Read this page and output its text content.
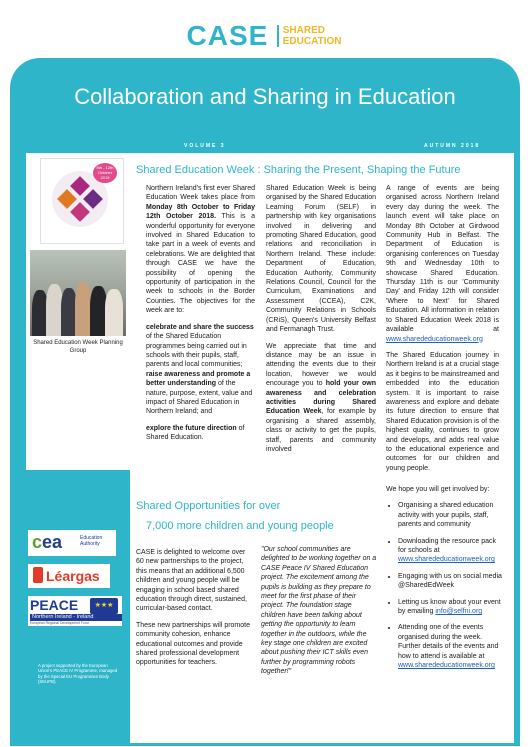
CASE SHARED
EDUCATION
Collaboration and Sharing in Education
VOLUME 3	AUTUMN 2018
8th - 12th October 2018
Shared Education Week Planning Group
c ea	Education Authority
Léargas
PEACE	★★★
Northern Ireland - Ireland
European Regional Development Fund
A project supported by the European Union's PEACE IV Programme, managed by the Special EU Programmes Body (SEUPB).
Shared Education Week : Sharing the Present, Shaping the Future

Northern Ireland's first ever Shared Education Week takes place from Monday 8th October to Friday 12th October 2018. This is a wonderful opportunity for everyone involved in Shared Education to take part in a week of events and celebrations. We are delighted that through CASE we have the possibility of opening the opportunity of participation in the week to schools in the Border Counties. The objectives for the week are to:

celebrate and share the success of the Shared Education programmes being carried out in schools with their pupils, staff, parents and local communities; raise awareness and promote a better understanding of the nature, purpose, extent, value and impact of Shared Education in Northern Ireland; and

explore the future direction of Shared Education.

Shared Education Week is being organised by the Shared Education Learning Forum (SELF) in partnership with key organisations involved in delivering and promoting Shared Education, good relations and reconciliation in Northern Ireland. These include: Department of Education, Education Authority, Community Relations Council, Council for the Curriculum, Examinations and Assessment (CCEA), C2K, Community Relations in Schools (CRiS), Queen's University Belfast and Fermanagh Trust.

We appreciate that time and distance may be an issue in attending the events due to their location, however we would encourage you to hold your own awareness and celebration activities during Shared Education Week, for example by organising a shared assembly, class or activity to get the pupils, staff, parents and community involved

A range of events are being organised across Northern Ireland every day during the week. The launch event will take place on Monday 8th October at Girdwood Community Hub in Belfast. The Department of Education is organising conferences on Tuesday 9th and Wednesday 10th to showcase Shared Education. Thursday 11th is our 'Community Day' and Friday 12th will consider 'Where to Next' for Shared Education. All information in relation to Shared Education Week 2018 is available at www.sharededucationweek.org

The Shared Education journey in Northern Ireland is at a crucial stage as it begins to be mainstreamed and embedded into the education system. It is important to raise awareness and explore and debate its future direction to ensure that Shared Education provision is of the highest quality, continues to grow and develops, and adds real value to the educational experience and outcomes for our children and young people.

Shared Opportunities for over
7,000 more children and young people

CASE is delighted to welcome over 60 new partnerships to the project, this means that an additional 6,500 children and young people will be engaging in school based shared education through direct, sustained, curricular-based contact.

These new partnerships will promote community cohesion, enhance educational outcomes and provide shared professional development opportunities for teachers.

"Our school communities are delighted to be working together on a CASE Peace IV Shared Education project. The excitement among the pupils is building as they prepare to meet for the first phase of their project. The foundation stage children have been talking about getting the opportunity to learn together in the outdoors, while the key stage one children are excited about pushing their ICT skills even further by programming robots together!"

We hope you will get involved by:

• Organising a shared education activity with your pupils, staff, parents and community
• Downloading the resource pack for schools at www.sharededucationweek.org
• Engaging with us on social media @SharedEdWeek
• Letting us know about your event by emailing info@selfni.org
• Attending one of the events organised during the week. Further details of the events and how to attend is available at www.sharededucationweek.org
